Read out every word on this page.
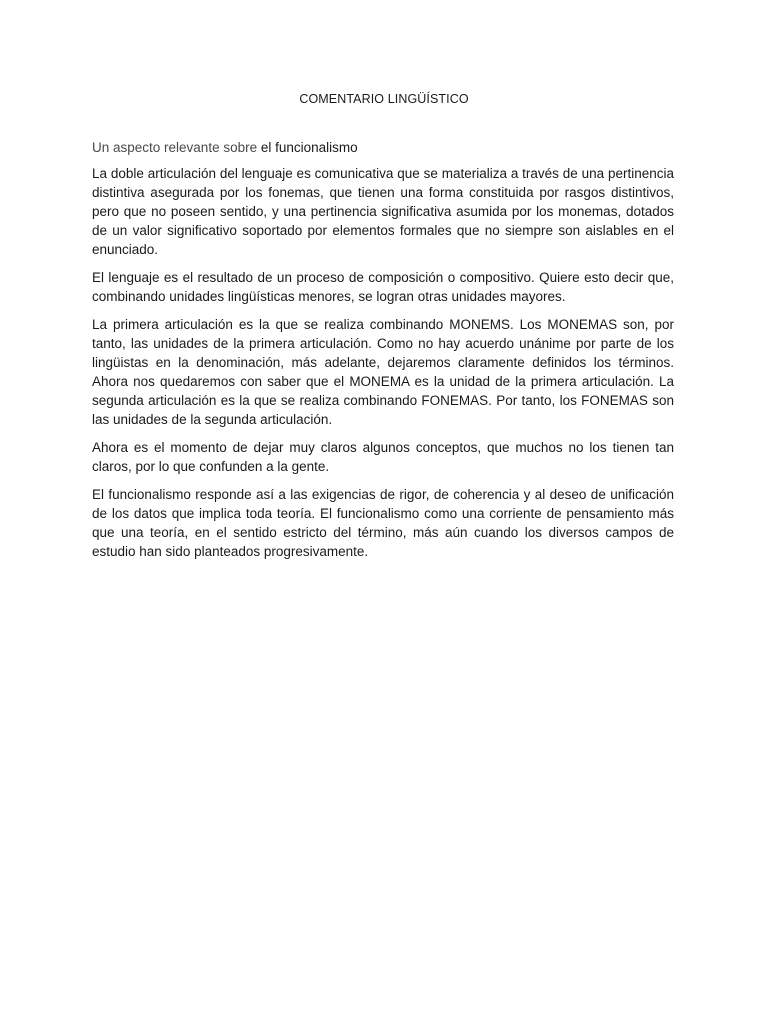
COMENTARIO LINGÜÍSTICO

Un aspecto relevante sobre el funcionalismo

La doble articulación del lenguaje es comunicativa que se materializa a través de una pertinencia distintiva asegurada por los fonemas, que tienen una forma constituida por rasgos distintivos, pero que no poseen sentido, y una pertinencia significativa asumida por los monemas, dotados de un valor significativo soportado por elementos formales que no siempre son aislables en el enunciado.

El lenguaje es el resultado de un proceso de composición o compositivo. Quiere esto decir que, combinando unidades lingüísticas menores, se logran otras unidades mayores.

La primera articulación es la que se realiza combinando MONEMS. Los MONEMAS son, por tanto, las unidades de la primera articulación. Como no hay acuerdo unánime por parte de los lingüistas en la denominación, más adelante, dejaremos claramente definidos los términos. Ahora nos quedaremos con saber que el MONEMA es la unidad de la primera articulación. La segunda articulación es la que se realiza combinando FONEMAS. Por tanto, los FONEMAS son las unidades de la segunda articulación.

Ahora es el momento de dejar muy claros algunos conceptos, que muchos no los tienen tan claros, por lo que confunden a la gente.

El funcionalismo responde así a las exigencias de rigor, de coherencia y al deseo de unificación de los datos que implica toda teoría. El funcionalismo como una corriente de pensamiento más que una teoría, en el sentido estricto del término, más aún cuando los diversos campos de estudio han sido planteados progresivamente.
